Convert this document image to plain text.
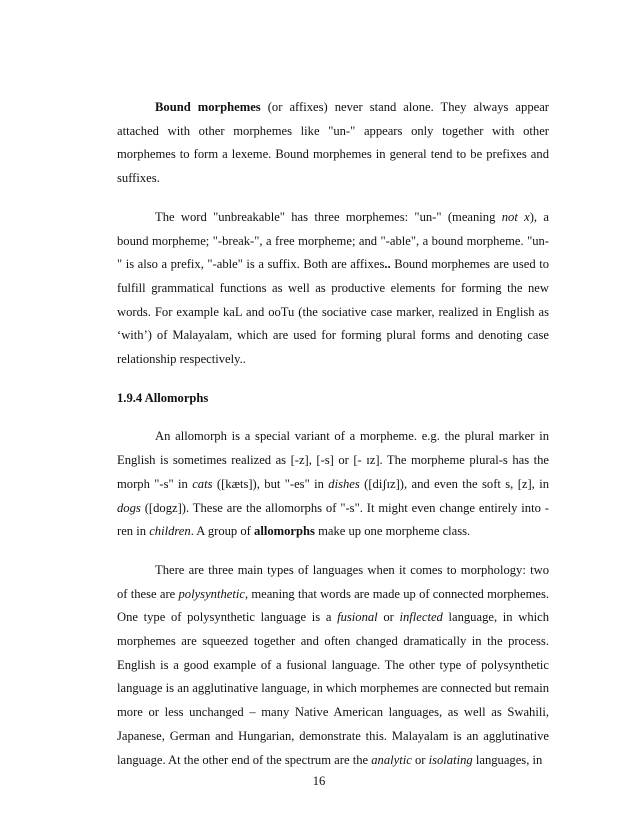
Bound morphemes (or affixes) never stand alone. They always appear attached with other morphemes like "un-" appears only together with other morphemes to form a lexeme. Bound morphemes in general tend to be prefixes and suffixes.

The word "unbreakable" has three morphemes: "un-" (meaning not x), a bound morpheme; "-break-", a free morpheme; and "-able", a bound morpheme. "un-" is also a prefix, "-able" is a suffix. Both are affixes.. Bound morphemes are used to fulfill grammatical functions as well as productive elements for forming the new words. For example kaL and ooTu (the sociative case marker, realized in English as ‘with’) of Malayalam, which are used for forming plural forms and denoting case relationship respectively..

1.9.4 Allomorphs

An allomorph is a special variant of a morpheme. e.g. the plural marker in English is sometimes realized as [-z], [-s] or [- ɪz]. The morpheme plural-s has the morph "-s" in cats ([kæts]), but "-es" in dishes ([diʃɪz]), and even the soft s, [z], in dogs ([dogz]). These are the allomorphs of "-s". It might even change entirely into -ren in children. A group of allomorphs make up one morpheme class.

There are three main types of languages when it comes to morphology: two of these are polysynthetic, meaning that words are made up of connected morphemes. One type of polysynthetic language is a fusional or inflected language, in which morphemes are squeezed together and often changed dramatically in the process. English is a good example of a fusional language. The other type of polysynthetic language is an agglutinative language, in which morphemes are connected but remain more or less unchanged – many Native American languages, as well as Swahili, Japanese, German and Hungarian, demonstrate this. Malayalam is an agglutinative language. At the other end of the spectrum are the analytic or isolating languages, in

16
